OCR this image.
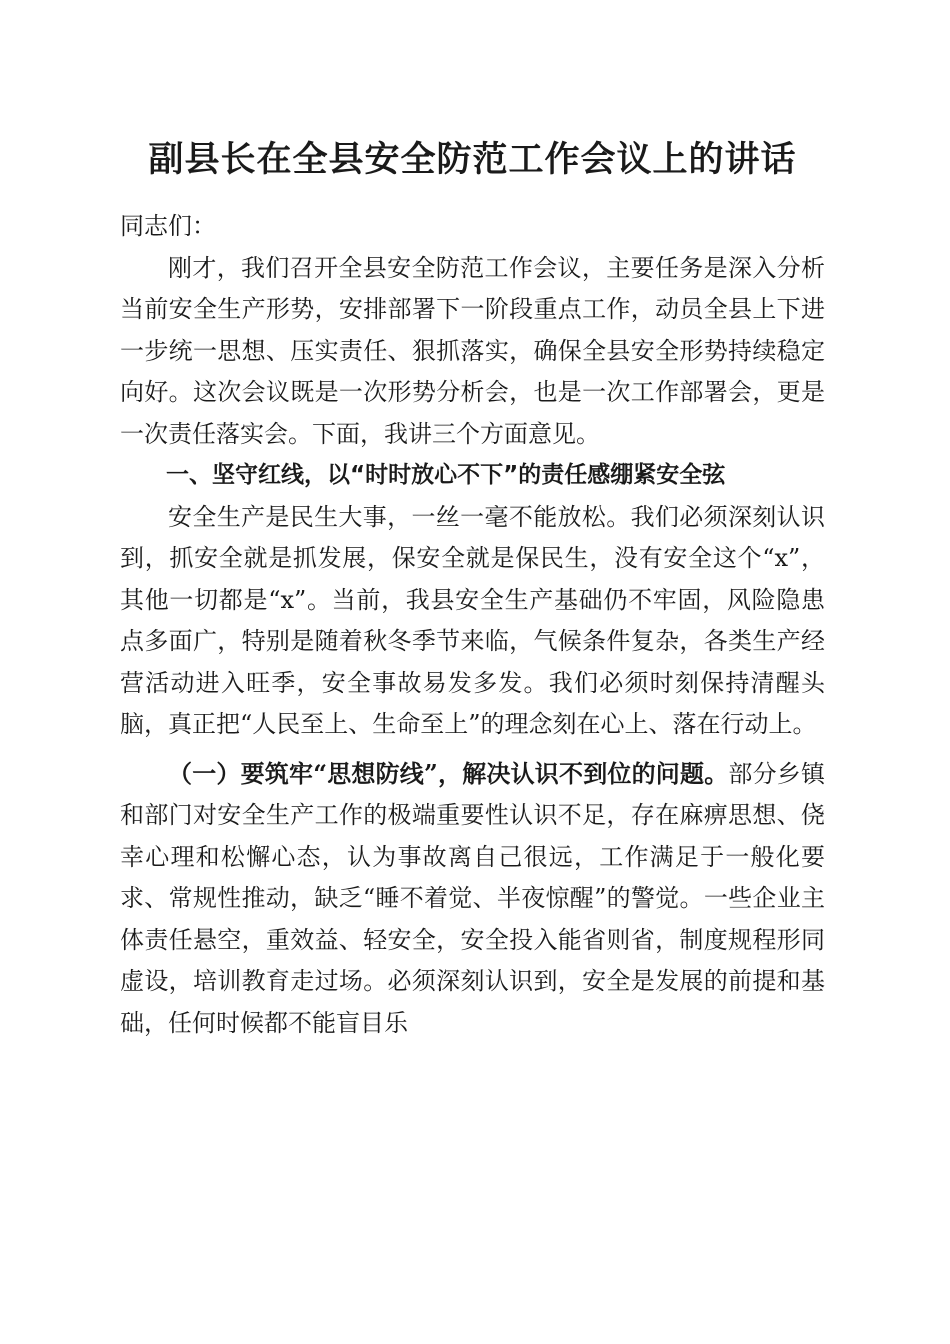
副县长在全县安全防范工作会议上的讲话

同志们：

刚才，我们召开全县安全防范工作会议，主要任务是深入分析当前安全生产形势，安排部署下一阶段重点工作，动员全县上下进一步统一思想、压实责任、狠抓落实，确保全县安全形势持续稳定向好。这次会议既是一次形势分析会，也是一次工作部署会，更是一次责任落实会。下面，我讲三个方面意见。

一、坚守红线，以“时时放心不下”的责任感绷紧安全弦

安全生产是民生大事，一丝一毫不能放松。我们必须深刻认识到，抓安全就是抓发展，保安全就是保民生，没有安全这个“x”，其他一切都是“x”。当前，我县安全生产基础仍不牢固，风险隐患点多面广，特别是随着秋冬季节来临，气候条件复杂，各类生产经营活动进入旺季，安全事故易发多发。我们必须时刻保持清醒头脑，真正把“人民至上、生命至上”的理念刻在心上、落在行动上。

（一）要筑牢“思想防线”，解决认识不到位的问题。部分乡镇和部门对安全生产工作的极端重要性认识不足，存在麻痹思想、侥幸心理和松懈心态，认为事故离自己很远，工作满足于一般化要求、常规性推动，缺乏“睡不着觉、半夜惊醒”的警觉。一些企业主体责任悬空，重效益、轻安全，安全投入能省则省，制度规程形同虚设，培训教育走过场。必须深刻认识到，安全是发展的前提和基础，任何时候都不能盲目乐
